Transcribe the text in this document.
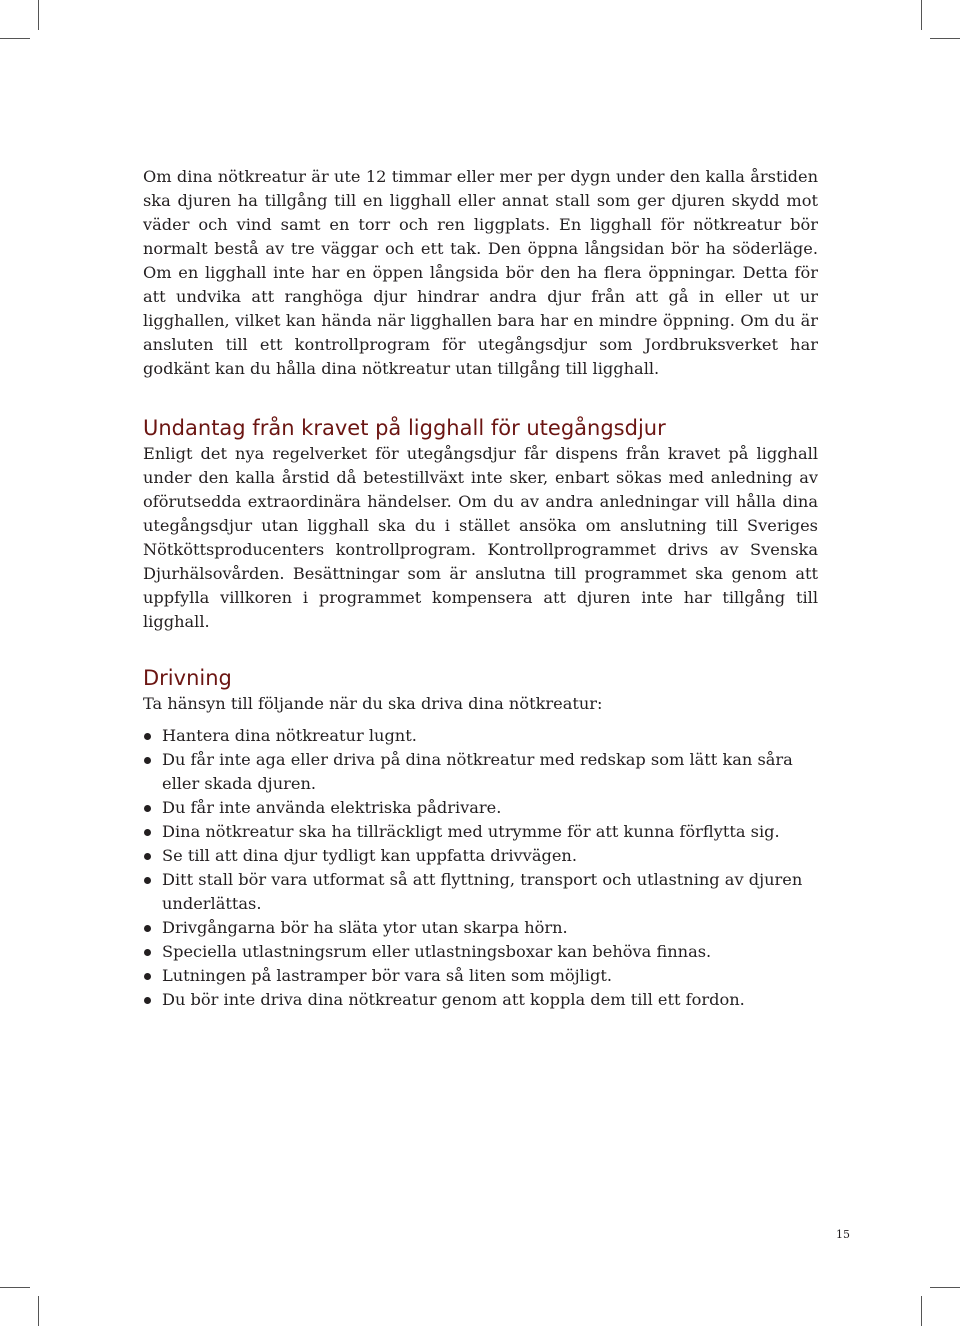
Om dina nötkreatur är ute 12 timmar eller mer per dygn under den kalla årstiden ska djuren ha tillgång till en ligghall eller annat stall som ger djuren skydd mot väder och vind samt en torr och ren liggplats. En ligghall för nötkreatur bör normalt bestå av tre väggar och ett tak. Den öppna långsidan bör ha söderläge. Om en ligghall inte har en öppen långsida bör den ha flera öppningar. Detta för att undvika att ranghöga djur hindrar andra djur från att gå in eller ut ur ligghallen, vilket kan hända när ligghallen bara har en mindre öppning. Om du är ansluten till ett kontrollprogram för utegångsdjur som Jordbruksverket har godkänt kan du hålla dina nötkreatur utan tillgång till ligghall.

Undantag från kravet på ligghall för utegångsdjur

Enligt det nya regelverket för utegångsdjur får dispens från kravet på ligghall under den kalla årstid då betestillväxt inte sker, enbart sökas med anledning av oförutsedda extraordinära händelser. Om du av andra anledningar vill hålla dina utegångsdjur utan ligghall ska du i stället ansöka om anslutning till Sveriges Nötköttsproducenters kontrollprogram. Kontrollprogrammet drivs av Svenska Djurhälsovården. Besättningar som är anslutna till programmet ska genom att uppfylla villkoren i programmet kompensera att djuren inte har tillgång till ligghall.

Drivning

Ta hänsyn till följande när du ska driva dina nötkreatur:

Hantera dina nötkreatur lugnt.
Du får inte aga eller driva på dina nötkreatur med redskap som lätt kan såra eller skada djuren.
Du får inte använda elektriska pådrivare.
Dina nötkreatur ska ha tillräckligt med utrymme för att kunna förflytta sig.
Se till att dina djur tydligt kan uppfatta drivvägen.
Ditt stall bör vara utformat så att flyttning, transport och utlastning av djuren underlättas.
Drivgångarna bör ha släta ytor utan skarpa hörn.
Speciella utlastningsrum eller utlastningsboxar kan behöva finnas.
Lutningen på lastramper bör vara så liten som möjligt.
Du bör inte driva dina nötkreatur genom att koppla dem till ett fordon.
15
